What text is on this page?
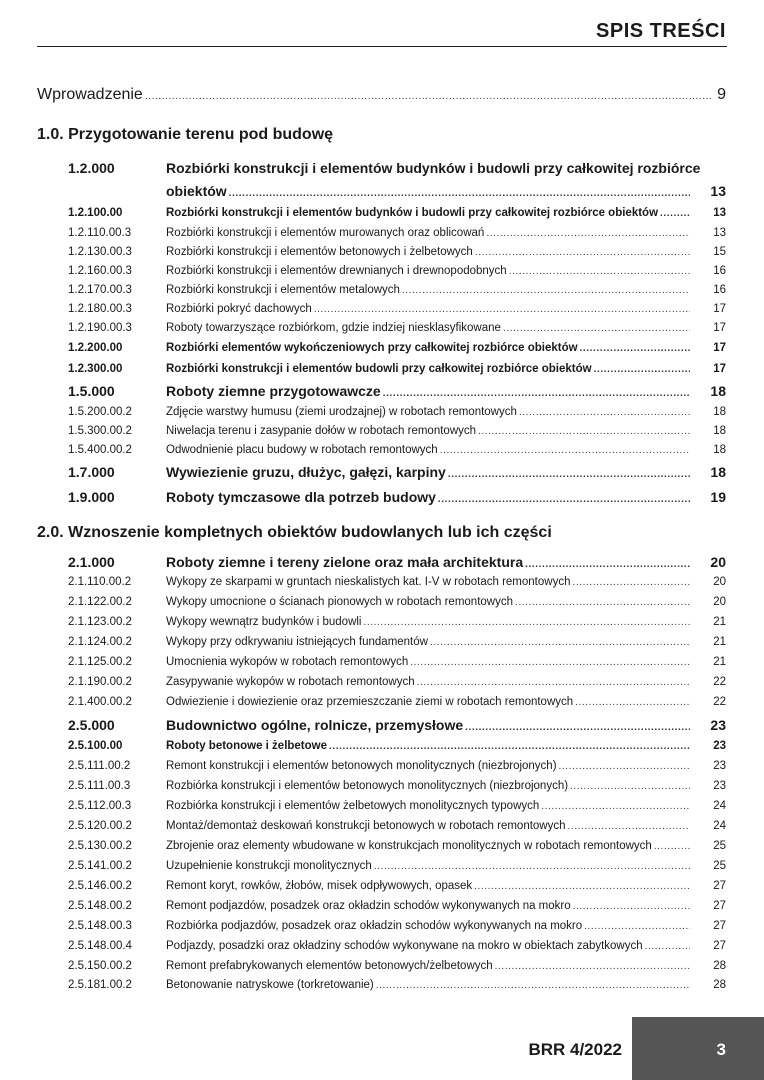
SPIS TREŚCI
Wprowadzenie .....	9
1.0. Przygotowanie terenu pod budowę
1.2.000	Rozbiórki konstrukcji i elementów budynków i budowli przy całkowitej rozbiórce
obiektów .....	13
1.2.100.00	Rozbiórki konstrukcji i elementów budynków i budowli przy całkowitej rozbiórce obiektów .....	13
1.2.110.00.3	Rozbiórki konstrukcji i elementów murowanych oraz oblicowań .....	13
1.2.130.00.3	Rozbiórki konstrukcji i elementów betonowych i żelbetowych .....	15
1.2.160.00.3	Rozbiórki konstrukcji i elementów drewnianych i drewnopodobnych .....	16
1.2.170.00.3	Rozbiórki konstrukcji i elementów metalowych .....	16
1.2.180.00.3	Rozbiórki pokryć dachowych .....	17
1.2.190.00.3	Roboty towarzyszące rozbiórkom, gdzie indziej niesklasyfikowane .....	17
1.2.200.00	Rozbiórki elementów wykończeniowych przy całkowitej rozbiórce obiektów .....	17
1.2.300.00	Rozbiórki konstrukcji i elementów budowli przy całkowitej rozbiórce obiektów .....	17
1.5.000	Roboty ziemne przygotowawcze .....	18
1.5.200.00.2	Zdjęcie warstwy humusu (ziemi urodzajnej) w robotach remontowych .....	18
1.5.300.00.2	Niwelacja terenu i zasypanie dołów w robotach remontowych .....	18
1.5.400.00.2	Odwodnienie placu budowy w robotach remontowych .....	18
1.7.000	Wywiezienie gruzu, dłużyc, gałęzi, karpiny .....	18
1.9.000	Roboty tymczasowe dla potrzeb budowy .....	19
2.0. Wznoszenie kompletnych obiektów budowlanych lub ich części
2.1.000	Roboty ziemne i tereny zielone oraz mała architektura .....	20
2.1.110.00.2	Wykopy ze skarpami w gruntach nieskalistych kat. I-V w robotach remontowych .....	20
2.1.122.00.2	Wykopy umocnione o ścianach pionowych w robotach remontowych .....	20
2.1.123.00.2	Wykopy wewnątrz budynków i budowli .....	21
2.1.124.00.2	Wykopy przy odkrywaniu istniejących fundamentów .....	21
2.1.125.00.2	Umocnienia wykopów w robotach remontowych .....	21
2.1.190.00.2	Zasypywanie wykopów w robotach remontowych .....	22
2.1.400.00.2	Odwiezienie i dowiezienie oraz przemieszczanie ziemi w robotach remontowych .....	22
2.5.000	Budownictwo ogólne, rolnicze, przemysłowe .....	23
2.5.100.00	Roboty betonowe i żelbetowe .....	23
2.5.111.00.2	Remont konstrukcji i elementów betonowych monolitycznych (niezbrojonych) .....	23
2.5.111.00.3	Rozbiórka konstrukcji i elementów betonowych monolitycznych (niezbrojonych) .....	23
2.5.112.00.3	Rozbiórka konstrukcji i elementów żelbetowych monolitycznych typowych .....	24
2.5.120.00.2	Montaż/demontaż deskowań konstrukcji betonowych w robotach remontowych .....	24
2.5.130.00.2	Zbrojenie oraz elementy wbudowane w konstrukcjach monolitycznych w robotach remontowych .....	25
2.5.141.00.2	Uzupełnienie konstrukcji monolitycznych .....	25
2.5.146.00.2	Remont koryt, rowków, żłobów, misek odpływowych, opasek .....	27
2.5.148.00.2	Remont podjazdów, posadzek oraz okładzin schodów wykonywanych na mokro .....	27
2.5.148.00.3	Rozbiórka podjazdów, posadzek oraz okładzin schodów wykonywanych na mokro .....	27
2.5.148.00.4	Podjazdy, posadzki oraz okładziny schodów wykonywane na mokro w obiektach zabytkowych .....	27
2.5.150.00.2	Remont prefabrykowanych elementów betonowych/żelbetowych .....	28
2.5.181.00.2	Betonowanie natryskowe (torkretowanie) .....	28
BRR 4/2022	3
